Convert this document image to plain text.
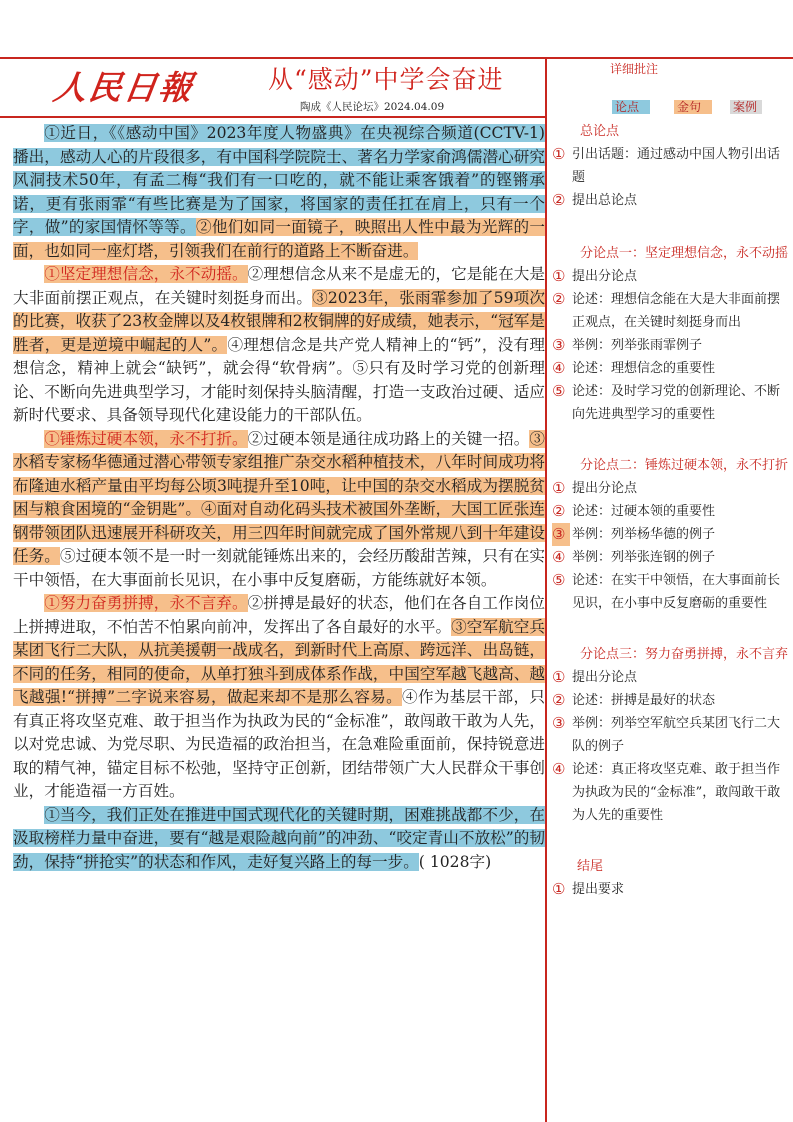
人民日報	从“感动”中学会奋进
陶成《人民论坛》2024.04.09
详细批注
论点	金句	案例

①近日，《《感动中国》2023年度人物盛典》在央视综合频道(CCTV-1) 播出，感动人心的片段很多，有中国科学院院士、著名力学家俞鸿儒潜心研究风洞技术50年，有孟二梅“我们有一口吃的，就不能让乘客饿着”的铿锵承诺，更有张雨霏“有些比赛是为了国家，将国家的责任扛在肩上，只有一个字，做”的家国情怀等等。②他们如同一面镜子，映照出人性中最为光辉的一面，也如同一座灯塔，引领我们在前行的道路上不断奋进。

①坚定理想信念，永不动摇。②理想信念从来不是虚无的，它是能在大是大非面前摆正观点，在关键时刻挺身而出。③2023年，张雨霏参加了59项次的比赛，收获了23枚金牌以及4枚银牌和2枚铜牌的好成绩，她表示，“冠军是胜者，更是逆境中崛起的人”。④理想信念是共产党人精神上的“钙”，没有理想信念，精神上就会“缺钙”，就会得“软骨病”。⑤只有及时学习党的创新理论、不断向先进典型学习，才能时刻保持头脑清醒，打造一支政治过硬、适应新时代要求、具备领导现代化建设能力的干部队伍。

①锤炼过硬本领，永不打折。②过硬本领是通往成功路上的关键一招。③水稻专家杨华德通过潜心带领专家组推广杂交水稻种植技术，八年时间成功将布隆迪水稻产量由平均每公顷3吨提升至10吨，让中国的杂交水稻成为摆脱贫困与粮食困境的“金钥匙”。④面对自动化码头技术被国外垄断，大国工匠张连钢带领团队迅速展开科研攻关，用三四年时间就完成了国外常规八到十年建设任务。⑤过硬本领不是一时一刻就能锤炼出来的，会经历酸甜苦辣，只有在实干中领悟，在大事面前长见识，在小事中反复磨砺，方能练就好本领。

①努力奋勇拼搏，永不言弃。②拼搏是最好的状态，他们在各自工作岗位上拼搏进取，不怕苦不怕累向前冲，发挥出了各自最好的水平。③空军航空兵某团飞行二大队，从抗美援朝一战成名，到新时代上高原、跨远洋、出岛链，不同的任务，相同的使命，从单打独斗到成体系作战，中国空军越飞越高、越飞越强!“拼搏”二字说来容易，做起来却不是那么容易。④作为基层干部，只有真正将攻坚克难、敢于担当作为执政为民的“金标准”，敢闯敢干敢为人先，以对党忠诚、为党尽职、为民造福的政治担当，在急难险重面前，保持锐意进取的精气神，锚定目标不松弛，坚持守正创新，团结带领广大人民群众干事创业，才能造福一方百姓。

①当今，我们正处在推进中国式现代化的关键时期，困难挑战都不少，在汲取榜样力量中奋进，要有“越是艰险越向前”的冲劲、“咬定青山不放松”的韧劲，保持“拼抢实”的状态和作风，走好复兴路上的每一步。( 1028字)

总论点

① 引出话题：通过感动中国人物引出话题
② 提出总论点

分论点一：坚定理想信念，永不动摇

① 提出分论点
② 论述：理想信念能在大是大非面前摆正观点，在关键时刻挺身而出
③ 举例：列举张雨霏例子
④ 论述：理想信念的重要性
⑤ 论述：及时学习党的创新理论、不断向先进典型学习的重要性

分论点二：锤炼过硬本领，永不打折

① 提出分论点
② 论述：过硬本领的重要性
③ 举例：列举杨华德的例子
④ 举例：列举张连钢的例子
⑤ 论述：在实干中领悟，在大事面前长见识，在小事中反复磨砺的重要性

分论点三：努力奋勇拼搏，永不言弃

① 提出分论点
② 论述：拼搏是最好的状态
③ 举例：列举空军航空兵某团飞行二大队的例子
④ 论述：真正将攻坚克难、敢于担当作为执政为民的“金标准”，敢闯敢干敢为人先的重要性

结尾

① 提出要求
